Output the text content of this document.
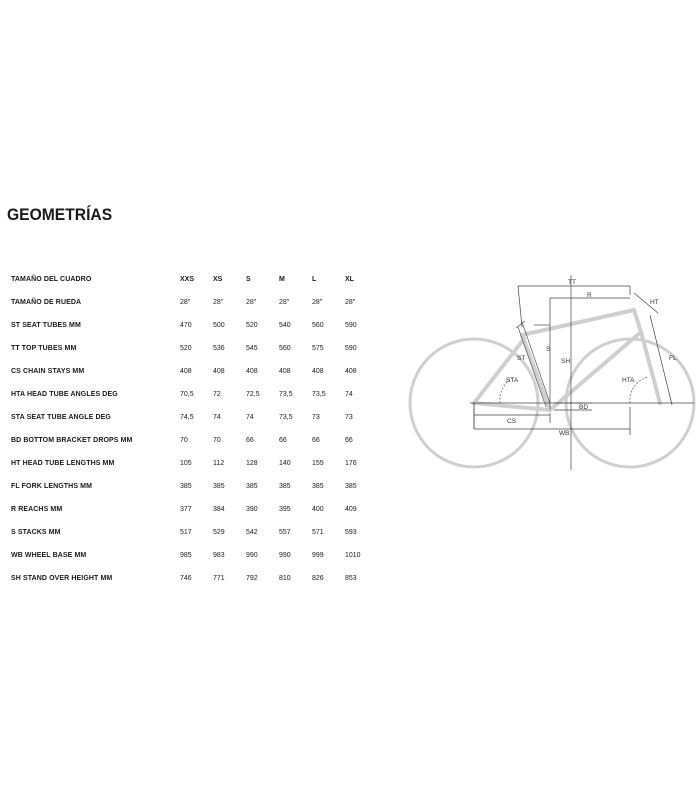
GEOMETRÍAS
TAMAÑO DEL CUADRO	XXS	XS	S	M	L	XL
TAMAÑO DE RUEDA	28"	28"	28"	28"	28"	28"
ST SEAT TUBES MM	470	500	520	540	560	590
TT TOP TUBES MM	520	536	545	560	575	590
CS CHAIN STAYS MM	408	408	408	408	408	408
HTA HEAD TUBE ANGLES DEG	70,5	72	72,5	73,5	73,5	74
STA SEAT TUBE ANGLE DEG	74,5	74	74	73,5	73	73
BD BOTTOM BRACKET DROPS MM	70	70	66	66	66	66
HT HEAD TUBE LENGTHS MM	105	112	128	140	155	176
FL FORK LENGTHS MM	385	385	385	385	385	385
R REACHS MM	377	384	390	395	400	409
S STACKS MM	517	529	542	557	571	593
WB WHEEL BASE MM	985	983	990	990	999	1010
SH STAND OVER HEIGHT MM	746	771	792	810	826	853
TT
R
HT
ST
S
SH	FL
STA	HTA
BD
CS
WB
